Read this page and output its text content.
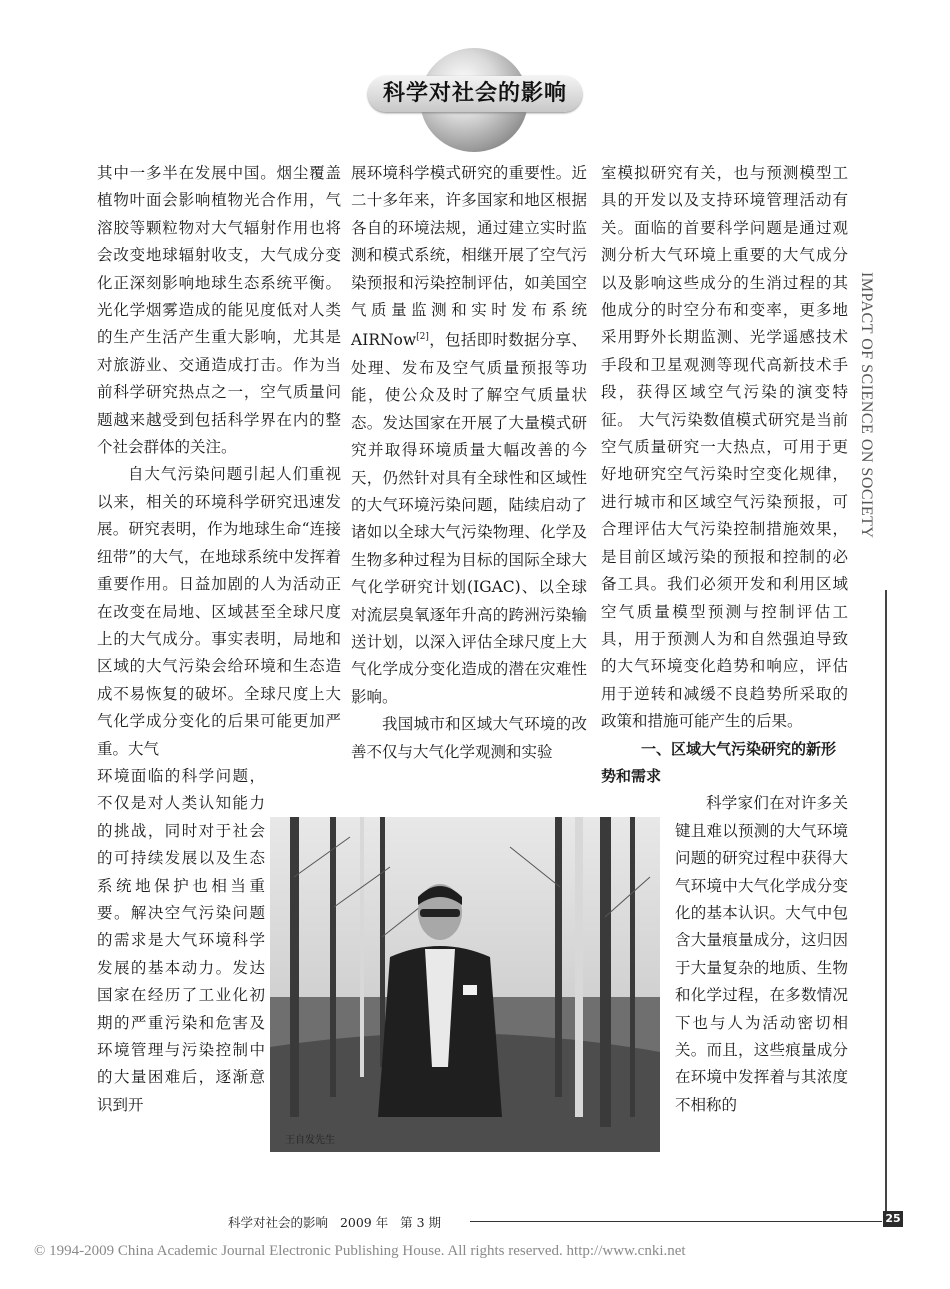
科学对社会的影响

其中一多半在发展中国。烟尘覆盖植物叶面会影响植物光合作用，气溶胶等颗粒物对大气辐射作用也将会改变地球辐射收支，大气成分变化正深刻影响地球生态系统平衡。光化学烟雾造成的能见度低对人类的生产生活产生重大影响，尤其是对旅游业、交通造成打击。作为当前科学研究热点之一，空气质量问题越来越受到包括科学界在内的整个社会群体的关注。

自大气污染问题引起人们重视以来，相关的环境科学研究迅速发展。研究表明，作为地球生命“连接纽带”的大气，在地球系统中发挥着重要作用。日益加剧的人为活动正在改变在局地、区域甚至全球尺度上的大气成分。事实表明，局地和区域的大气污染会给环境和生态造成不易恢复的破坏。全球尺度上大气化学成分变化的后果可能更加严重。大气

环境面临的科学问题，不仅是对人类认知能力的挑战，同时对于社会的可持续发展以及生态系统地保护也相当重要。解决空气污染问题的需求是大气环境科学发展的基本动力。发达国家在经历了工业化初期的严重污染和危害及环境管理与污染控制中的大量困难后，逐渐意识到开

展环境科学模式研究的重要性。近二十多年来，许多国家和地区根据各自的环境法规，通过建立实时监测和模式系统，相继开展了空气污染预报和污染控制评估，如美国空气质量监测和实时发布系统 AIRNow[2]，包括即时数据分享、处理、发布及空气质量预报等功能，使公众及时了解空气质量状态。发达国家在开展了大量模式研究并取得环境质量大幅改善的今天，仍然针对具有全球性和区域性的大气环境污染问题，陆续启动了诸如以全球大气污染物理、化学及生物多种过程为目标的国际全球大气化学研究计划(IGAC)、以全球对流层臭氧逐年升高的跨洲污染输送计划，以深入评估全球尺度上大气化学成分变化造成的潜在灾难性影响。

我国城市和区域大气环境的改善不仅与大气化学观测和实验

室模拟研究有关，也与预测模型工具的开发以及支持环境管理活动有关。面临的首要科学问题是通过观测分析大气环境上重要的大气成分以及影响这些成分的生消过程的其他成分的时空分布和变率，更多地采用野外长期监测、光学遥感技术手段和卫星观测等现代高新技术手段，获得区域空气污染的演变特征。 大气污染数值模式研究是当前空气质量研究一大热点，可用于更好地研究空气污染时空变化规律，进行城市和区域空气污染预报，可合理评估大气污染控制措施效果，是目前区域污染的预报和控制的必备工具。我们必须开发和利用区域空气质量模型预测与控制评估工具，用于预测人为和自然强迫导致的大气环境变化趋势和响应，评估用于逆转和减缓不良趋势所采取的政策和措施可能产生的后果。

一、区域大气污染研究的新形

势和需求

科学家们在对许多关键且难以预测的大气环境问题的研究过程中获得大气环境中大气化学成分变化的基本认识。大气中包含大量痕量成分，这归因于大量复杂的地质、生物和化学过程，在多数情况下也与人为活动密切相关。而且，这些痕量成分在环境中发挥着与其浓度不相称的

王自发先生
IMPACT OF SCIENCE ON SOCIETY
科学对社会的影响 2009 年 第 3 期	25
© 1994-2009 China Academic Journal Electronic Publishing House. All rights reserved. http://www.cnki.net
